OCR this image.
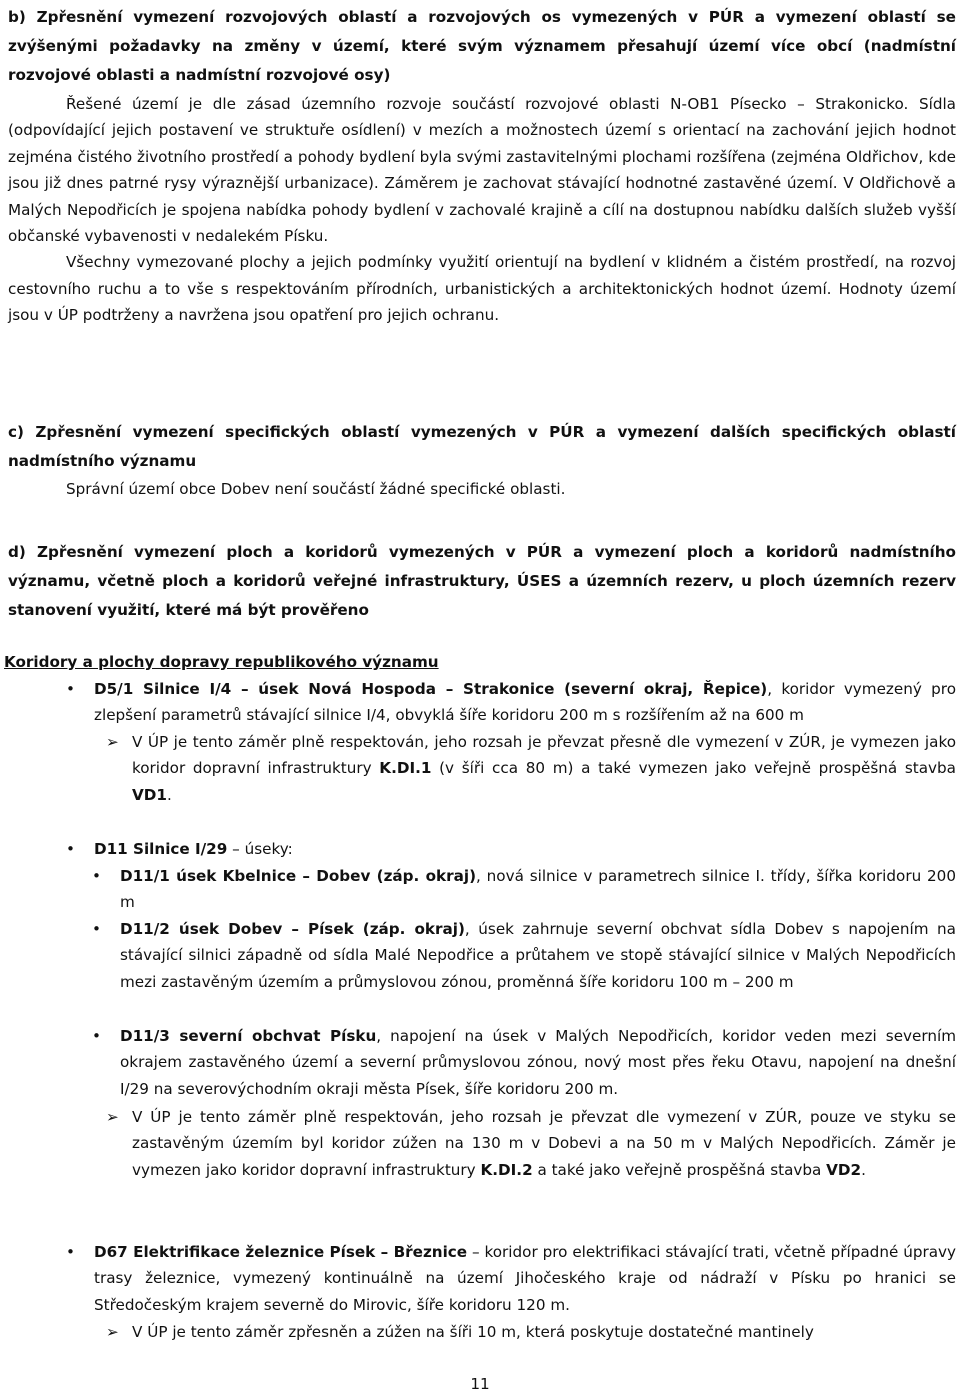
b) Zpřesnění vymezení rozvojových oblastí a rozvojových os vymezených v PÚR a vymezení oblastí se zvýšenými požadavky na změny v území, které svým významem přesahují území více obcí (nadmístní rozvojové oblasti a nadmístní rozvojové osy)

Řešené území je dle zásad územního rozvoje součástí rozvojové oblasti N-OB1 Písecko – Strakonicko. Sídla (odpovídající jejich postavení ve struktuře osídlení) v mezích a možnostech území s orientací na zachování jejich hodnot zejména čistého životního prostředí a pohody bydlení byla svými zastavitelnými plochami rozšířena (zejména Oldřichov, kde jsou již dnes patrné rysy výraznější urbanizace). Záměrem je zachovat stávající hodnotné zastavěné území. V Oldřichově a Malých Nepodřicích je spojena nabídka pohody bydlení v zachovalé krajině a cílí na dostupnou nabídku dalších služeb vyšší občanské vybavenosti v nedalekém Písku.

Všechny vymezované plochy a jejich podmínky využití orientují na bydlení v klidném a čistém prostředí, na rozvoj cestovního ruchu a to vše s respektováním přírodních, urbanistických a architektonických hodnot území. Hodnoty území jsou v ÚP podtrženy a navržena jsou opatření pro jejich ochranu.

c) Zpřesnění vymezení specifických oblastí vymezených v PÚR a vymezení dalších specifických oblastí nadmístního významu

Správní území obce Dobev není součástí žádné specifické oblasti.

d) Zpřesnění vymezení ploch a koridorů vymezených v PÚR a vymezení ploch a koridorů nadmístního významu, včetně ploch a koridorů veřejné infrastruktury, ÚSES a územních rezerv, u ploch územních rezerv stanovení využití, které má být prověřeno

Koridory a plochy dopravy republikového významu

• D5/1 Silnice I/4 – úsek Nová Hospoda – Strakonice (severní okraj, Řepice), koridor vymezený pro zlepšení parametrů stávající silnice I/4, obvyklá šíře koridoru 200 m s rozšířením až na 600 m

➢ V ÚP je tento záměr plně respektován, jeho rozsah je převzat přesně dle vymezení v ZÚR, je vymezen jako koridor dopravní infrastruktury K.DI.1 (v šíři cca 80 m) a také vymezen jako veřejně prospěšná stavba VD1.

• D11 Silnice I/29 – úseky:

• D11/1 úsek Kbelnice – Dobev (záp. okraj), nová silnice v parametrech silnice I. třídy, šířka koridoru 200 m

• D11/2 úsek Dobev – Písek (záp. okraj), úsek zahrnuje severní obchvat sídla Dobev s napojením na stávající silnici západně od sídla Malé Nepodřice a průtahem ve stopě stávající silnice v Malých Nepodřicích mezi zastavěným územím a průmyslovou zónou, proměnná šíře koridoru 100 m – 200 m

• D11/3 severní obchvat Písku, napojení na úsek v Malých Nepodřicích, koridor veden mezi severním okrajem zastavěného území a severní průmyslovou zónou, nový most přes řeku Otavu, napojení na dnešní I/29 na severovýchodním okraji města Písek, šíře koridoru 200 m.

➢ V ÚP je tento záměr plně respektován, jeho rozsah je převzat dle vymezení v ZÚR, pouze ve styku se zastavěným územím byl koridor zúžen na 130 m v Dobevi a na 50 m v Malých Nepodřicích. Záměr je vymezen jako koridor dopravní infrastruktury K.DI.2 a také jako veřejně prospěšná stavba VD2.

• D67 Elektrifikace železnice Písek – Březnice – koridor pro elektrifikaci stávající trati, včetně případné úpravy trasy železnice, vymezený kontinuálně na území Jihočeského kraje od nádraží v Písku po hranici se Středočeským krajem severně do Mirovic, šíře koridoru 120 m.

➢ V ÚP je tento záměr zpřesněn a zúžen na šíři 10 m, která poskytuje dostatečné mantinely

11
